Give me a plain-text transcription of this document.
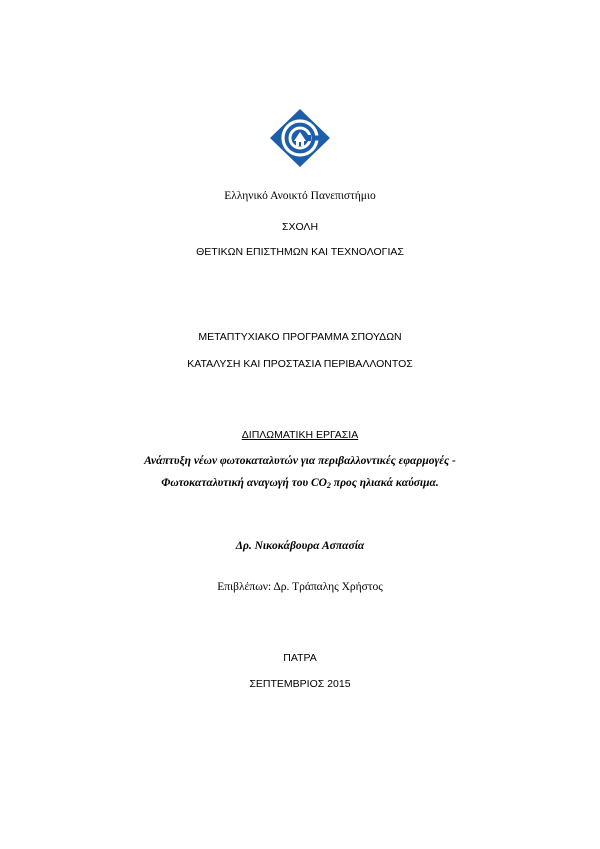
Ελληνικό Ανοικτό Πανεπιστήμιο
ΣΧΟΛΗ
ΘΕΤΙΚΩΝ ΕΠΙΣΤΗΜΩΝ ΚΑΙ ΤΕΧΝΟΛΟΓΙΑΣ
ΜΕΤΑΠΤΥΧΙΑΚΟ ΠΡΟΓΡΑΜΜΑ ΣΠΟΥΔΩΝ
ΚΑΤΑΛΥΣΗ ΚΑΙ ΠΡΟΣΤΑΣΙΑ ΠΕΡΙΒΑΛΛΟΝΤΟΣ
ΔΙΠΛΩΜΑΤΙΚΗ ΕΡΓΑΣΙΑ
Ανάπτυξη νέων φωτοκαταλυτών για περιβαλλοντικές εφαρμογές -
Φωτοκαταλυτική αναγωγή του $CO_2$ προς ηλιακά καύσιμα.
Δρ. Νικοκάβουρα Ασπασία
Επιβλέπων: Δρ. Τράπαλης Χρήστος
ΠΑΤΡΑ
ΣΕΠΤΕΜΒΡΙΟΣ 2015
